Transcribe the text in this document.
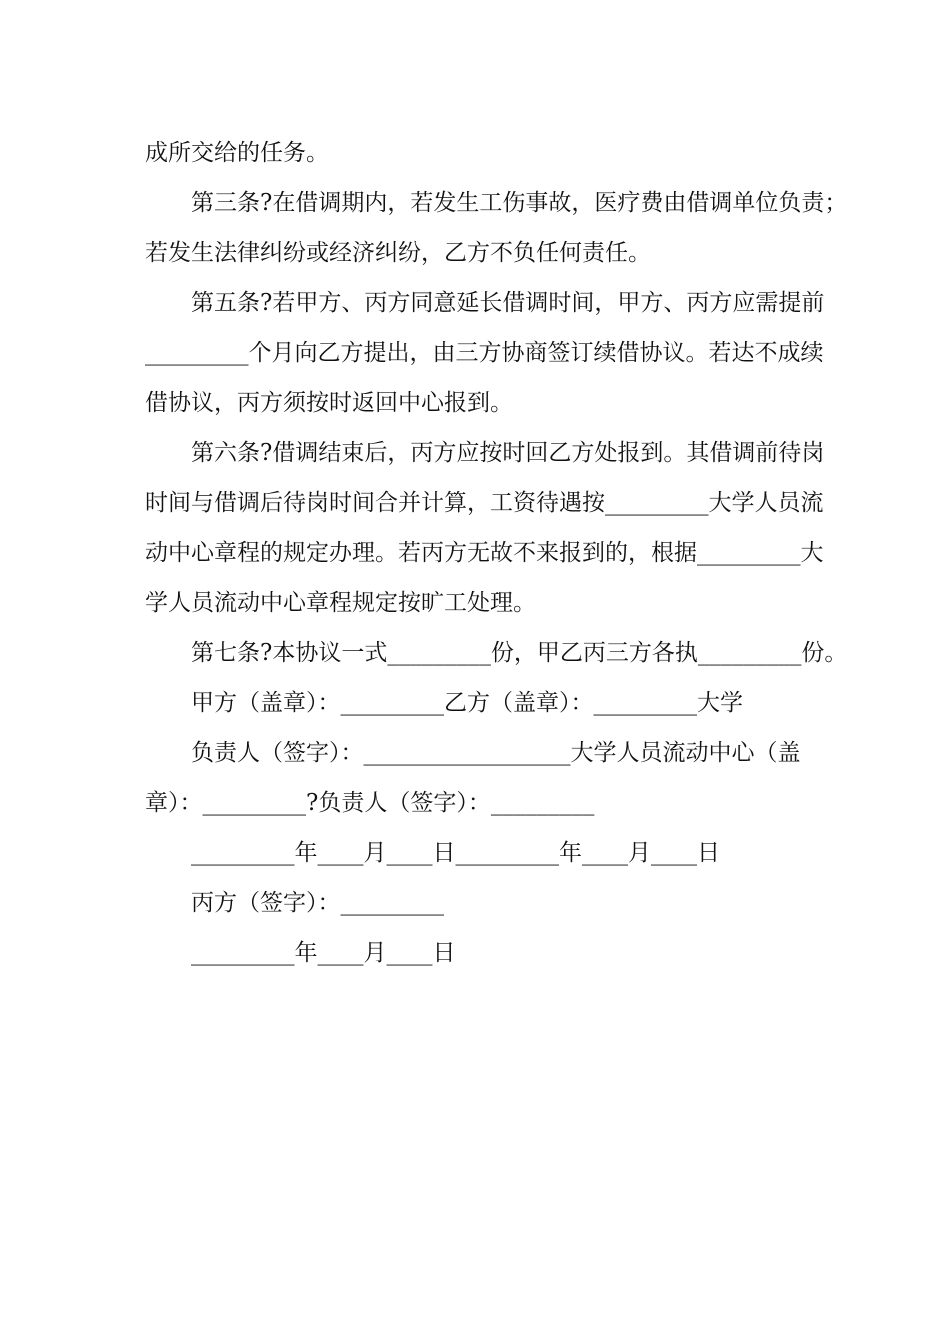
成所交给的任务。
第三条?在借调期内，若发生工伤事故，医疗费由借调单位负责；
若发生法律纠纷或经济纠纷，乙方不负任何责任。
第五条?若甲方、丙方同意延长借调时间，甲方、丙方应需提前
_________个月向乙方提出，由三方协商签订续借协议。若达不成续
借协议，丙方须按时返回中心报到。
第六条?借调结束后，丙方应按时回乙方处报到。其借调前待岗
时间与借调后待岗时间合并计算，工资待遇按_________大学人员流
动中心章程的规定办理。若丙方无故不来报到的，根据_________大
学人员流动中心章程规定按旷工处理。
第七条?本协议一式_________份，甲乙丙三方各执_________份。
甲方（盖章）：_________乙方（盖章）：_________大学
负责人（签字）：__________________大学人员流动中心（盖
章）：_________?负责人（签字）：_________
_________年____月____日_________年____月____日
丙方（签字）：_________
_________年____月____日
